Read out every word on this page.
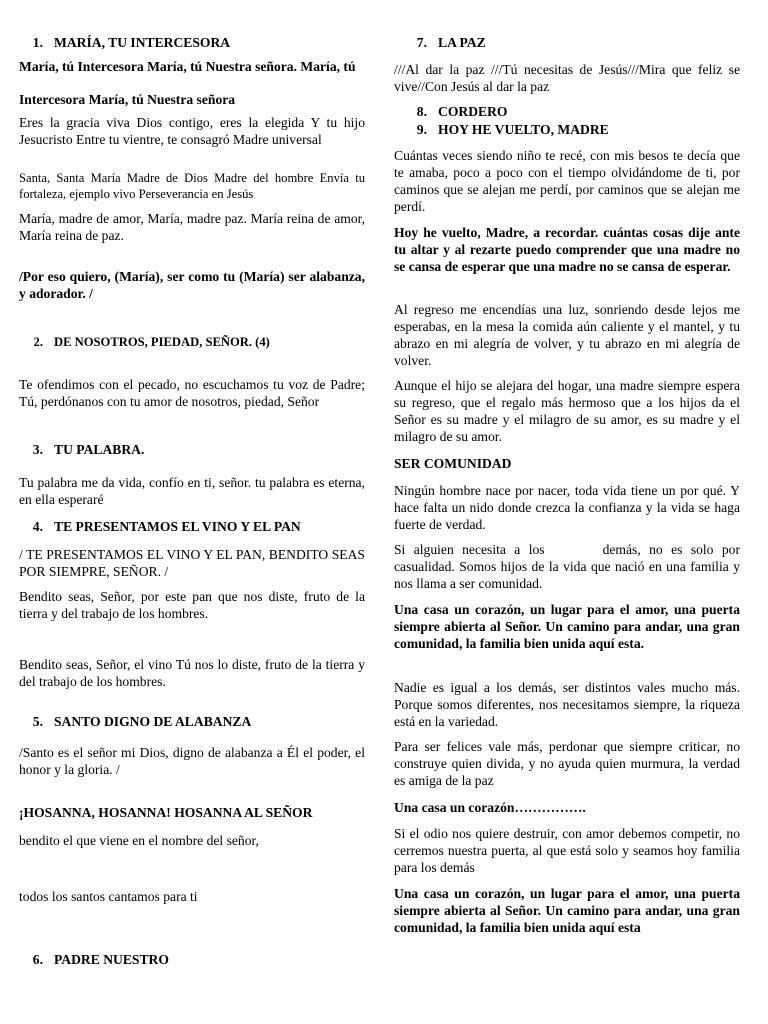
1. MARÍA, TU INTERCESORA

María, tú Intercesora María, tú Nuestra señora. María, tú

Intercesora María, tú Nuestra señora

Eres la gracia viva Dios contigo, eres la elegida Y tu hijo Jesucristo Entre tu vientre, te consagró Madre universal

Santa, Santa María Madre de Dios Madre del hombre Envía tu fortaleza, ejemplo vivo Perseverancia en Jesús

María, madre de amor, María, madre paz. María reina de amor, María reina de paz.

/Por eso quiero, (María), ser como tu (María) ser alabanza, y adorador. /

2. DE NOSOTROS, PIEDAD, SEÑOR. (4)

Te ofendimos con el pecado, no escuchamos tu voz de Padre; Tú, perdónanos con tu amor de nosotros, piedad, Señor

3. TU PALABRA.

Tu palabra me da vida, confío en ti, señor. tu palabra es eterna, en ella esperaré

4. TE PRESENTAMOS EL VINO Y EL PAN

/ TE PRESENTAMOS EL VINO Y EL PAN, BENDITO SEAS POR SIEMPRE, SEÑOR. /

Bendito seas, Señor, por este pan que nos diste, fruto de la tierra y del trabajo de los hombres.

Bendito seas, Señor, el vino Tú nos lo diste, fruto de la tierra y del trabajo de los hombres.

5. SANTO DIGNO DE ALABANZA

/Santo es el señor mi Dios, digno de alabanza a Él el poder, el honor y la gloria. /

¡HOSANNA, HOSANNA! HOSANNA AL SEÑOR

bendito el que viene en el nombre del señor,

todos los santos cantamos para ti

6. PADRE NUESTRO
7. LA PAZ

///Al dar la paz ///Tú necesitas de Jesús///Mira que feliz se vive//Con Jesús al dar la paz

8. CORDERO
9. HOY HE VUELTO, MADRE

Cuántas veces siendo niño te recé, con mis besos te decía que te amaba, poco a poco con el tiempo olvidándome de ti, por caminos que se alejan me perdí, por caminos que se alejan me perdí.

Hoy he vuelto, Madre, a recordar. cuántas cosas dije ante tu altar y al rezarte puedo comprender que una madre no se cansa de esperar que una madre no se cansa de esperar.

Al regreso me encendías una luz, sonriendo desde lejos me esperabas, en la mesa la comida aún caliente y el mantel, y tu abrazo en mi alegría de volver, y tu abrazo en mi alegría de volver.

Aunque el hijo se alejara del hogar, una madre siempre espera su regreso, que el regalo más hermoso que a los hijos da el Señor es su madre y el milagro de su amor, es su madre y el milagro de su amor.

SER COMUNIDAD

Ningún hombre nace por nacer, toda vida tiene un por qué. Y hace falta un nido donde crezca la confianza y la vida se haga fuerte de verdad.

Si alguien necesita a los	demás, no es solo por casualidad. Somos hijos de la vida que nació en una familia y nos llama a ser comunidad.

Una casa un corazón, un lugar para el amor, una puerta siempre abierta al Señor. Un camino para andar, una gran comunidad, la familia bien unida aquí esta.

Nadie es igual a los demás, ser distintos vales mucho más. Porque somos diferentes, nos necesitamos siempre, la riqueza está en la variedad.

Para ser felices vale más, perdonar que siempre criticar, no construye quien divida, y no ayuda quien murmura, la verdad es amiga de la paz

Una casa un corazón…………….

Si el odio nos quiere destruir, con amor debemos competir, no cerremos nuestra puerta, al que está solo y seamos hoy familia para los demás

Una casa un corazón, un lugar para el amor, una puerta siempre abierta al Señor. Un camino para andar, una gran comunidad, la familia bien unida aquí esta
